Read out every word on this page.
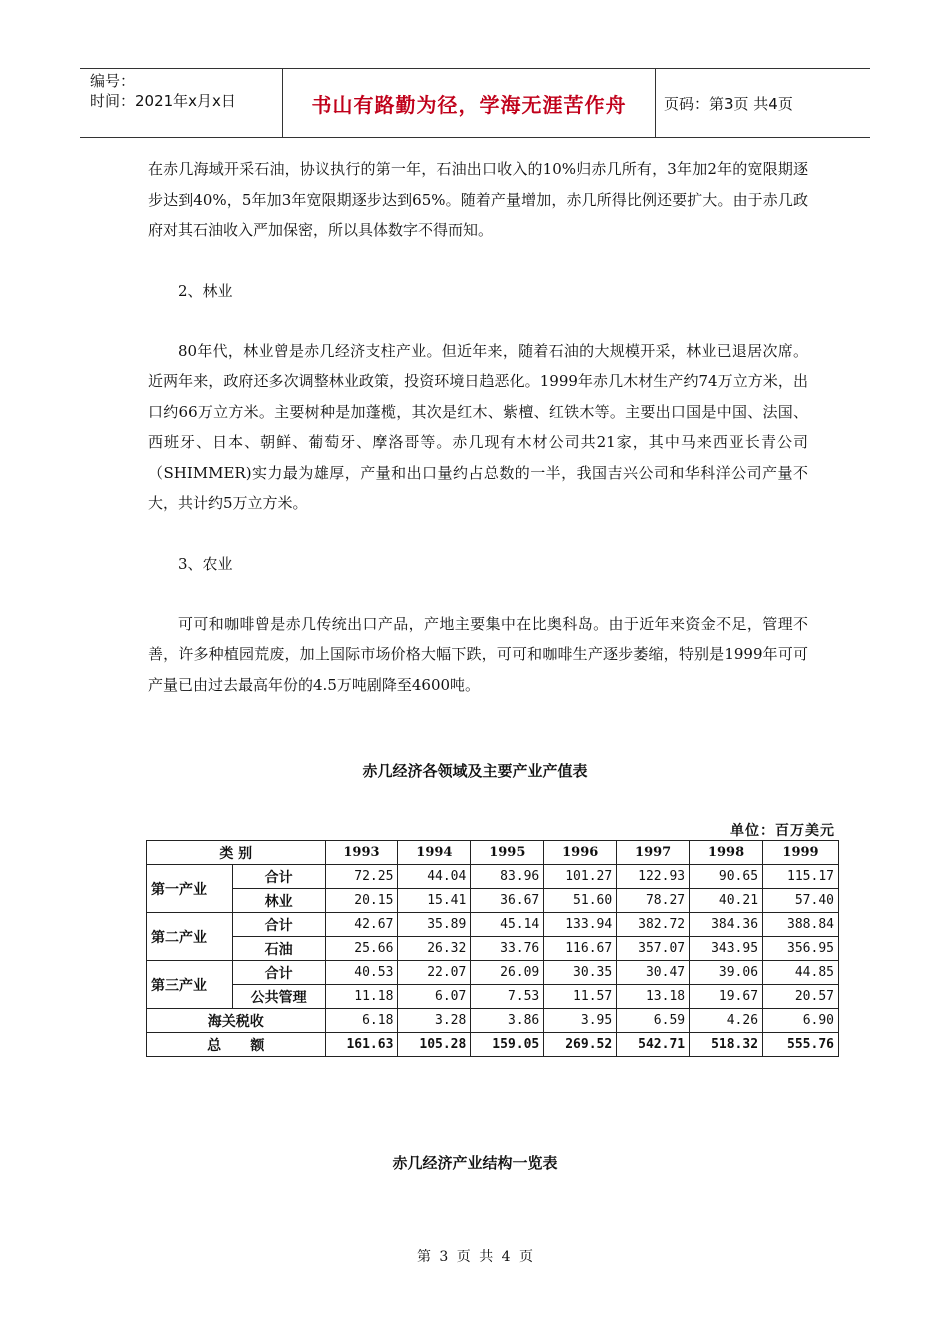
编号：
时间：2021年x月x日	书山有路勤为径，学海无涯苦作舟	页码：第3页 共4页

在赤几海域开采石油，协议执行的第一年，石油出口收入的10%归赤几所有，3年加2年的宽限期逐步达到40%，5年加3年宽限期逐步达到65%。随着产量增加，赤几所得比例还要扩大。由于赤几政府对其石油收入严加保密，所以具体数字不得而知。

2、林业

80年代，林业曾是赤几经济支柱产业。但近年来，随着石油的大规模开采，林业已退居次席。近两年来，政府还多次调整林业政策，投资环境日趋恶化。1999年赤几木材生产约74万立方米，出口约66万立方米。主要树种是加蓬榄，其次是红木、紫檀、红铁木等。主要出口国是中国、法国、西班牙、日本、朝鲜、葡萄牙、摩洛哥等。赤几现有木材公司共21家，其中马来西亚长青公司（SHIMMER)实力最为雄厚，产量和出口量约占总数的一半，我国吉兴公司和华科洋公司产量不大，共计约5万立方米。

3、农业

可可和咖啡曾是赤几传统出口产品，产地主要集中在比奥科岛。由于近年来资金不足，管理不善，许多种植园荒废，加上国际市场价格大幅下跌，可可和咖啡生产逐步萎缩，特别是1999年可可产量已由过去最高年份的4.5万吨剧降至4600吨。

赤几经济各领域及主要产业产值表
单位：百万美元
类 别		1993	1994	1995	1996	1997	1998	1999
第一产业	合计	72.25	44.04	83.96	101.27	122.93	90.65	115.17
	林业	20.15	15.41	36.67	51.60	78.27	40.21	57.40
第二产业	合计	42.67	35.89	45.14	133.94	382.72	384.36	388.84
	石油	25.66	26.32	33.76	116.67	357.07	343.95	356.95
第三产业	合计	40.53	22.07	26.09	30.35	30.47	39.06	44.85
	公共管理	11.18	6.07	7.53	11.57	13.18	19.67	20.57
海关税收		6.18	3.28	3.86	3.95	6.59	4.26	6.90
总      额		161.63	105.28	159.05	269.52	542.71	518.32	555.76
赤几经济产业结构一览表
第 3 页 共 4 页
